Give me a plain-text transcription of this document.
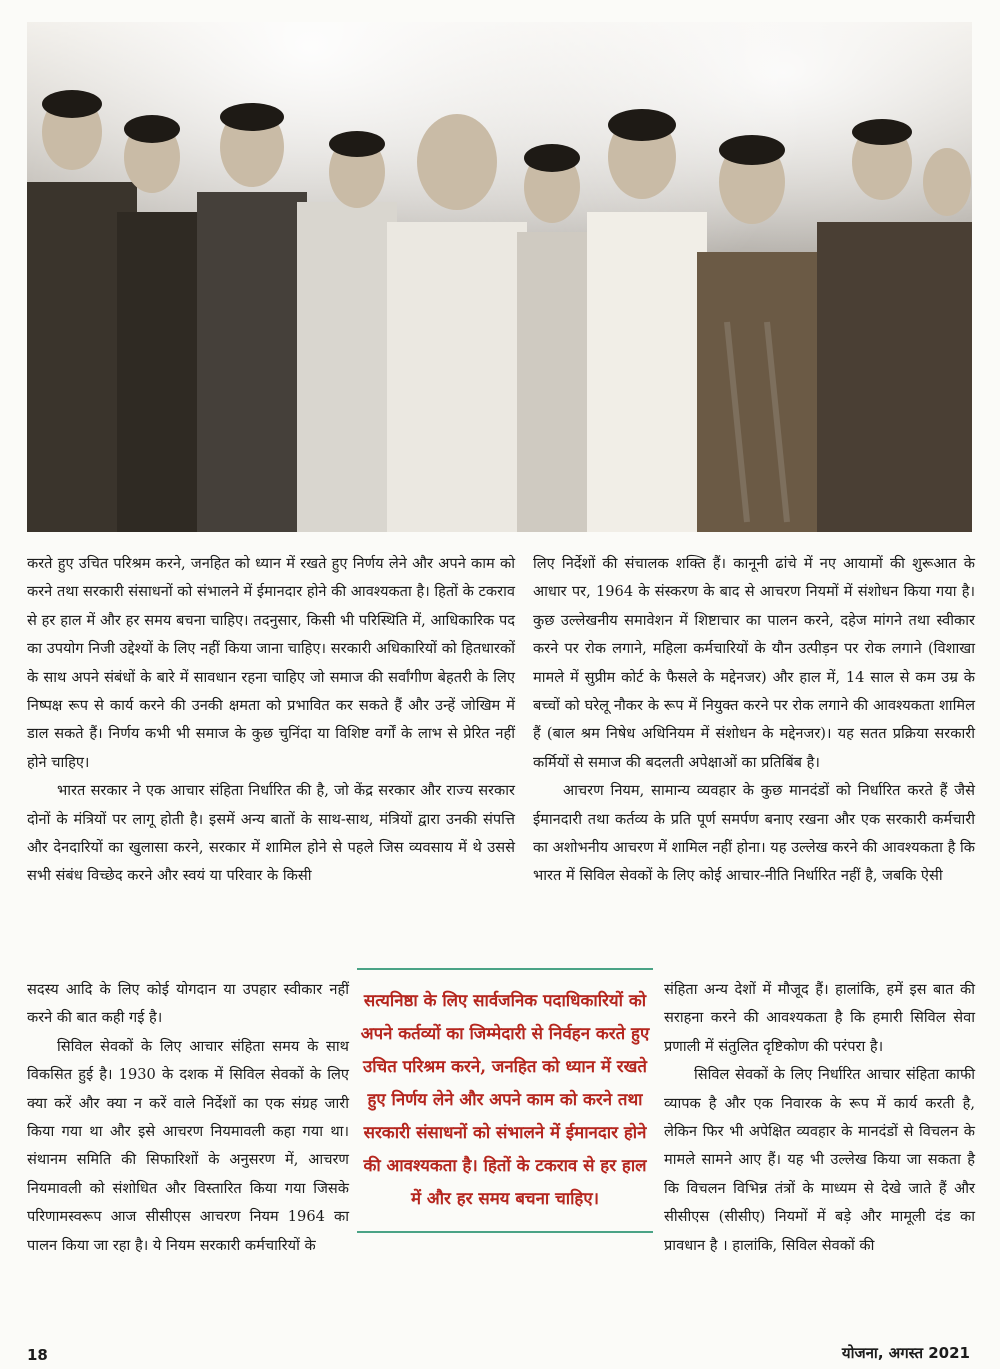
करते हुए उचित परिश्रम करने, जनहित को ध्यान में रखते हुए निर्णय लेने और अपने काम को करने तथा सरकारी संसाधनों को संभालने में ईमानदार होने की आवश्यकता है। हितों के टकराव से हर हाल में और हर समय बचना चाहिए। तदनुसार, किसी भी परिस्थिति में, आधिकारिक पद का उपयोग निजी उद्देश्यों के लिए नहीं किया जाना चाहिए। सरकारी अधिकारियों को हितधारकों के साथ अपने संबंधों के बारे में सावधान रहना चाहिए जो समाज की सर्वांगीण बेहतरी के लिए निष्पक्ष रूप से कार्य करने की उनकी क्षमता को प्रभावित कर सकते हैं और उन्हें जोखिम में डाल सकते हैं। निर्णय कभी भी समाज के कुछ चुनिंदा या विशिष्ट वर्गों के लाभ से प्रेरित नहीं होने चाहिए।

भारत सरकार ने एक आचार संहिता निर्धारित की है, जो केंद्र सरकार और राज्य सरकार दोनों के मंत्रियों पर लागू होती है। इसमें अन्य बातों के साथ-साथ, मंत्रियों द्वारा उनकी संपत्ति और देनदारियों का खुलासा करने, सरकार में शामिल होने से पहले जिस व्यवसाय में थे उससे सभी संबंध विच्छेद करने और स्वयं या परिवार के किसी

सदस्य आदि के लिए कोई योगदान या उपहार स्वीकार नहीं करने की बात कही गई है।

सिविल सेवकों के लिए आचार संहिता समय के साथ विकसित हुई है। 1930 के दशक में सिविल सेवकों के लिए क्या करें और क्या न करें वाले निर्देशों का एक संग्रह जारी किया गया था और इसे आचरण नियमावली कहा गया था। संथानम समिति की सिफारिशों के अनुसरण में, आचरण नियमावली को संशोधित और विस्तारित किया गया जिसके परिणामस्वरूप आज सीसीएस आचरण नियम 1964 का पालन किया जा रहा है। ये नियम सरकारी कर्मचारियों के

सत्यनिष्ठा के लिए सार्वजनिक पदाधिकारियों को अपने कर्तव्यों का जिम्मेदारी से निर्वहन करते हुए उचित परिश्रम करने, जनहित को ध्यान में रखते हुए निर्णय लेने और अपने काम को करने तथा सरकारी संसाधनों को संभालने में ईमानदार होने की आवश्यकता है। हितों के टकराव से हर हाल में और हर समय बचना चाहिए।

लिए निर्देशों की संचालक शक्ति हैं। कानूनी ढांचे में नए आयामों की शुरूआत के आधार पर, 1964 के संस्करण के बाद से आचरण नियमों में संशोधन किया गया है। कुछ उल्लेखनीय समावेशन में शिष्टाचार का पालन करने, दहेज मांगने तथा स्वीकार करने पर रोक लगाने, महिला कर्मचारियों के यौन उत्पीड़न पर रोक लगाने (विशाखा मामले में सुप्रीम कोर्ट के फैसले के मद्देनजर) और हाल में, 14 साल से कम उम्र के बच्चों को घरेलू नौकर के रूप में नियुक्त करने पर रोक लगाने की आवश्यकता शामिल हैं (बाल श्रम निषेध अधिनियम में संशोधन के मद्देनजर)। यह सतत प्रक्रिया सरकारी कर्मियों से समाज की बदलती अपेक्षाओं का प्रतिबिंब है।

आचरण नियम, सामान्य व्यवहार के कुछ मानदंडों को निर्धारित करते हैं जैसे ईमानदारी तथा कर्तव्य के प्रति पूर्ण समर्पण बनाए रखना और एक सरकारी कर्मचारी का अशोभनीय आचरण में शामिल नहीं होना। यह उल्लेख करने की आवश्यकता है कि भारत में सिविल सेवकों के लिए कोई आचार-नीति निर्धारित नहीं है, जबकि ऐसी

संहिता अन्य देशों में मौजूद हैं। हालांकि, हमें इस बात की सराहना करने की आवश्यकता है कि हमारी सिविल सेवा प्रणाली में संतुलित दृष्टिकोण की परंपरा है।

सिविल सेवकों के लिए निर्धारित आचार संहिता काफी व्यापक है और एक निवारक के रूप में कार्य करती है, लेकिन फिर भी अपेक्षित व्यवहार के मानदंडों से विचलन के मामले सामने आए हैं। यह भी उल्लेख किया जा सकता है कि विचलन विभिन्न तंत्रों के माध्यम से देखे जाते हैं और सीसीएस (सीसीए) नियमों में बड़े और मामूली दंड का प्रावधान है । हालांकि, सिविल सेवकों की

18	योजना, अगस्त 2021
